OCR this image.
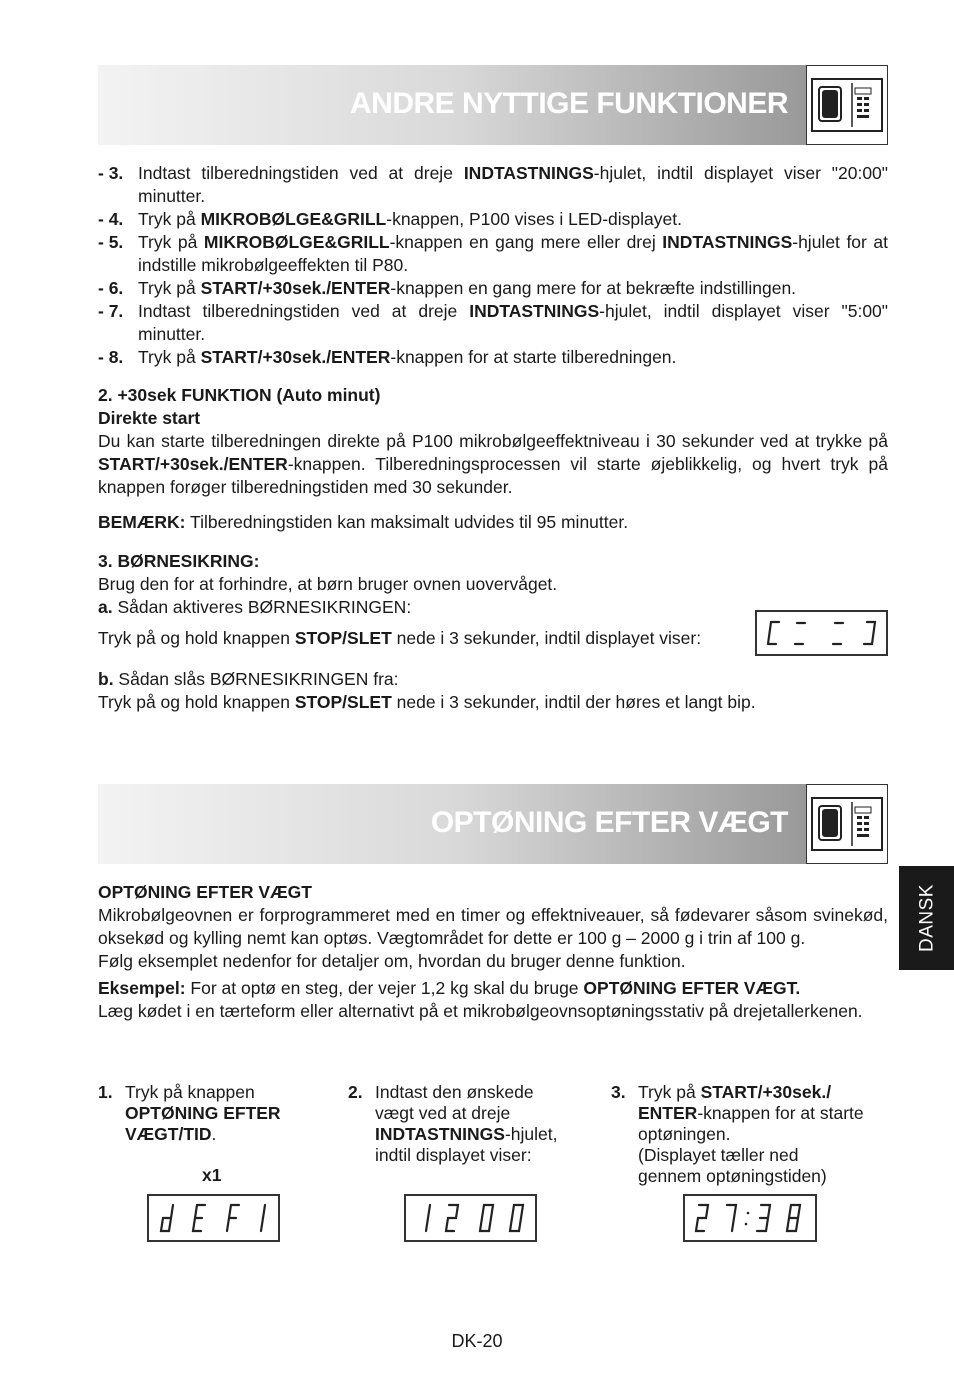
ANDRE NYTTIGE FUNKTIONER
- 3. Indtast tilberedningstiden ved at dreje INDTASTNINGS-hjulet, indtil displayet viser "20:00" minutter.
- 4. Tryk på MIKROBØLGE&GRILL-knappen, P100 vises i LED-displayet.
- 5. Tryk på MIKROBØLGE&GRILL-knappen en gang mere eller drej INDTASTNINGS-hjulet for at indstille mikrobølgeeffekten til P80.
- 6. Tryk på START/+30sek./ENTER-knappen en gang mere for at bekræfte indstillingen.
- 7. Indtast tilberedningstiden ved at dreje INDTASTNINGS-hjulet, indtil displayet viser "5:00" minutter.
- 8. Tryk på START/+30sek./ENTER-knappen for at starte tilberedningen.
2. +30sek FUNKTION (Auto minut)
Direkte start
Du kan starte tilberedningen direkte på P100 mikrobølgeeffektniveau i 30 sekunder ved at trykke på START/+30sek./ENTER-knappen. Tilberedningsprocessen vil starte øjeblikkelig, og hvert tryk på knappen forøger tilberedningstiden med 30 sekunder.
BEMÆRK: Tilberedningstiden kan maksimalt udvides til 95 minutter.
3. BØRNESIKRING:
Brug den for at forhindre, at børn bruger ovnen uovervåget.
a. Sådan aktiveres BØRNESIKRINGEN:
Tryk på og hold knappen STOP/SLET nede i 3 sekunder, indtil displayet viser:
b. Sådan slås BØRNESIKRINGEN fra:
Tryk på og hold knappen STOP/SLET nede i 3 sekunder, indtil der høres et langt bip.
OPTØNING EFTER VÆGT
OPTØNING EFTER VÆGT
Mikrobølgeovnen er forprogrammeret med en timer og effektniveauer, så fødevarer såsom svinekød, oksekød og kylling nemt kan optøs. Vægtområdet for dette er 100 g – 2000 g i trin af 100 g.
Følg eksemplet nedenfor for detaljer om, hvordan du bruger denne funktion.
Eksempel: For at optø en steg, der vejer 1,2 kg skal du bruge OPTØNING EFTER VÆGT.
Læg kødet i en tærteform eller alternativt på et mikrobølgeovnsoptøningsstativ på drejetallerkenen.
1. Tryk på knappen
OPTØNING EFTER
VÆGT/TID.
x1
2. Indtast den ønskede
vægt ved at dreje
INDTASTNINGS-hjulet,
indtil displayet viser:
3. Tryk på START/+30sek./
ENTER-knappen for at starte
optøningen.
(Displayet tæller ned
gennem optøningstiden)
DANSK
DK-20
